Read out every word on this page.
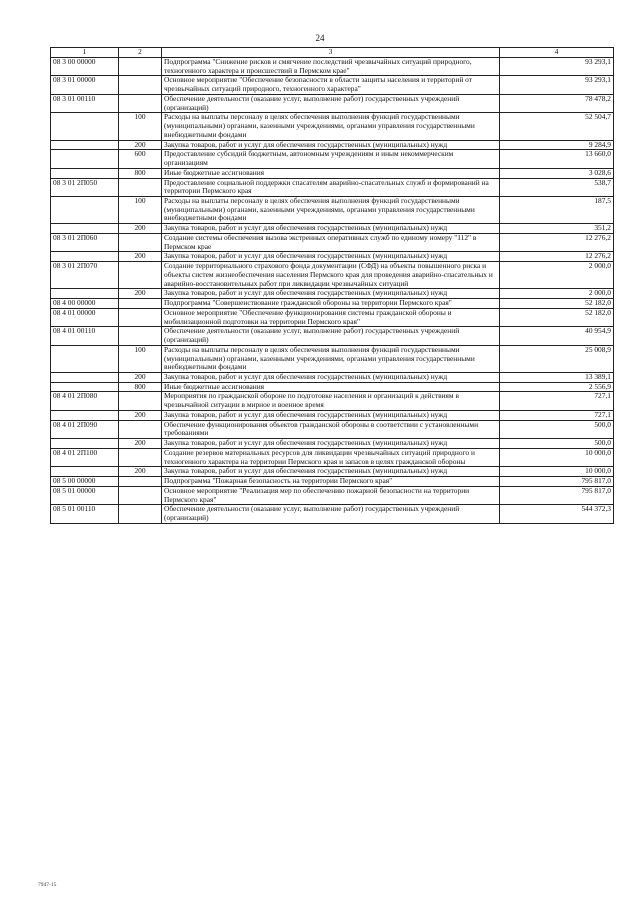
24
1	2	3	4
08 3 00 00000		Подпрограмма "Снижение рисков и смягчение последствий чрезвычайных ситуаций природного, техногенного характера и происшествий в Пермском крае"	93 293,1
08 3 01 00000		Основное мероприятие "Обеспечение безопасности в области защиты населения и территорий от чрезвычайных ситуаций природного, техногенного характера"	93 293,1
08 3 01 00110		Обеспечение деятельности (оказание услуг, выполнение работ) государственных учреждений (организаций)	78 478,2
	100	Расходы на выплаты персоналу в целях обеспечения выполнения функций государственными (муниципальными) органами, казенными учреждениями, органами управления государственными внебюджетными фондами	52 504,7
	200	Закупка товаров, работ и услуг для обеспечения государственных (муниципальных) нужд	9 284,9
	600	Предоставление субсидий бюджетным, автономным учреждениям и иным некоммерческим организациям	13 660,0
	800	Иные бюджетные ассигнования	3 028,6
08 3 01 2П050		Предоставление социальной поддержки спасателям аварийно-спасательных служб и формирований на территории Пермского края	538,7
	100	Расходы на выплаты персоналу в целях обеспечения выполнения функций государственными (муниципальными) органами, казенными учреждениями, органами управления государственными внебюджетными фондами	187,5
	200	Закупка товаров, работ и услуг для обеспечения государственных (муниципальных) нужд	351,2
08 3 01 2П060		Создание системы обеспечения вызова экстренных оперативных служб по единому номеру "112" в Пермском крае	12 276,2
	200	Закупка товаров, работ и услуг для обеспечения государственных (муниципальных) нужд	12 276,2
08 3 01 2П070		Создание территориального страхового фонда документации (СФД) на объекты повышенного риска и объекты систем жизнеобеспечения населения Пермского края для проведения аварийно-спасательных и аварийно-восстановительных работ при ликвидации чрезвычайных ситуаций	2 000,0
	200	Закупка товаров, работ и услуг для обеспечения государственных (муниципальных) нужд	2 000,0
08 4 00 00000		Подпрограмма "Совершенствование гражданской обороны на территории Пермского края"	52 182,0
08 4 01 00000		Основное мероприятие "Обеспечение функционирования системы гражданской обороны и мобилизационной подготовки на территории Пермского края"	52 182,0
08 4 01 00110		Обеспечение деятельности (оказание услуг, выполнение работ) государственных учреждений (организаций)	40 954,9
	100	Расходы на выплаты персоналу в целях обеспечения выполнения функций государственными (муниципальными) органами, казенными учреждениями, органами управления государственными внебюджетными фондами	25 008,9
	200	Закупка товаров, работ и услуг для обеспечения государственных (муниципальных) нужд	13 389,1
	800	Иные бюджетные ассигнования	2 556,9
08 4 01 2П080		Мероприятия по гражданской обороне по подготовке населения и организаций к действиям в чрезвычайной ситуации в мирное и военное время	727,1
	200	Закупка товаров, работ и услуг для обеспечения государственных (муниципальных) нужд	727,1
08 4 01 2П090		Обеспечение функционирования объектов гражданской обороны в соответствии с установленными требованиями	500,0
	200	Закупка товаров, работ и услуг для обеспечения государственных (муниципальных) нужд	500,0
08 4 01 2П100		Создание резервов материальных ресурсов для ликвидации чрезвычайных ситуаций природного и техногенного характера на территории Пермского края и запасов в целях гражданской обороны	10 000,0
	200	Закупка товаров, работ и услуг для обеспечения государственных (муниципальных) нужд	10 000,0
08 5 00 00000		Подпрограмма "Пожарная безопасность на территории Пермского края"	795 817,0
08 5 01 00000		Основное мероприятие "Реализация мер по обеспечению пожарной безопасности на территории Пермского края"	795 817,0
08 5 01 00110		Обеспечение деятельности (оказание услуг, выполнение работ) государственных учреждений (организаций)	544 372,3
7947-15
